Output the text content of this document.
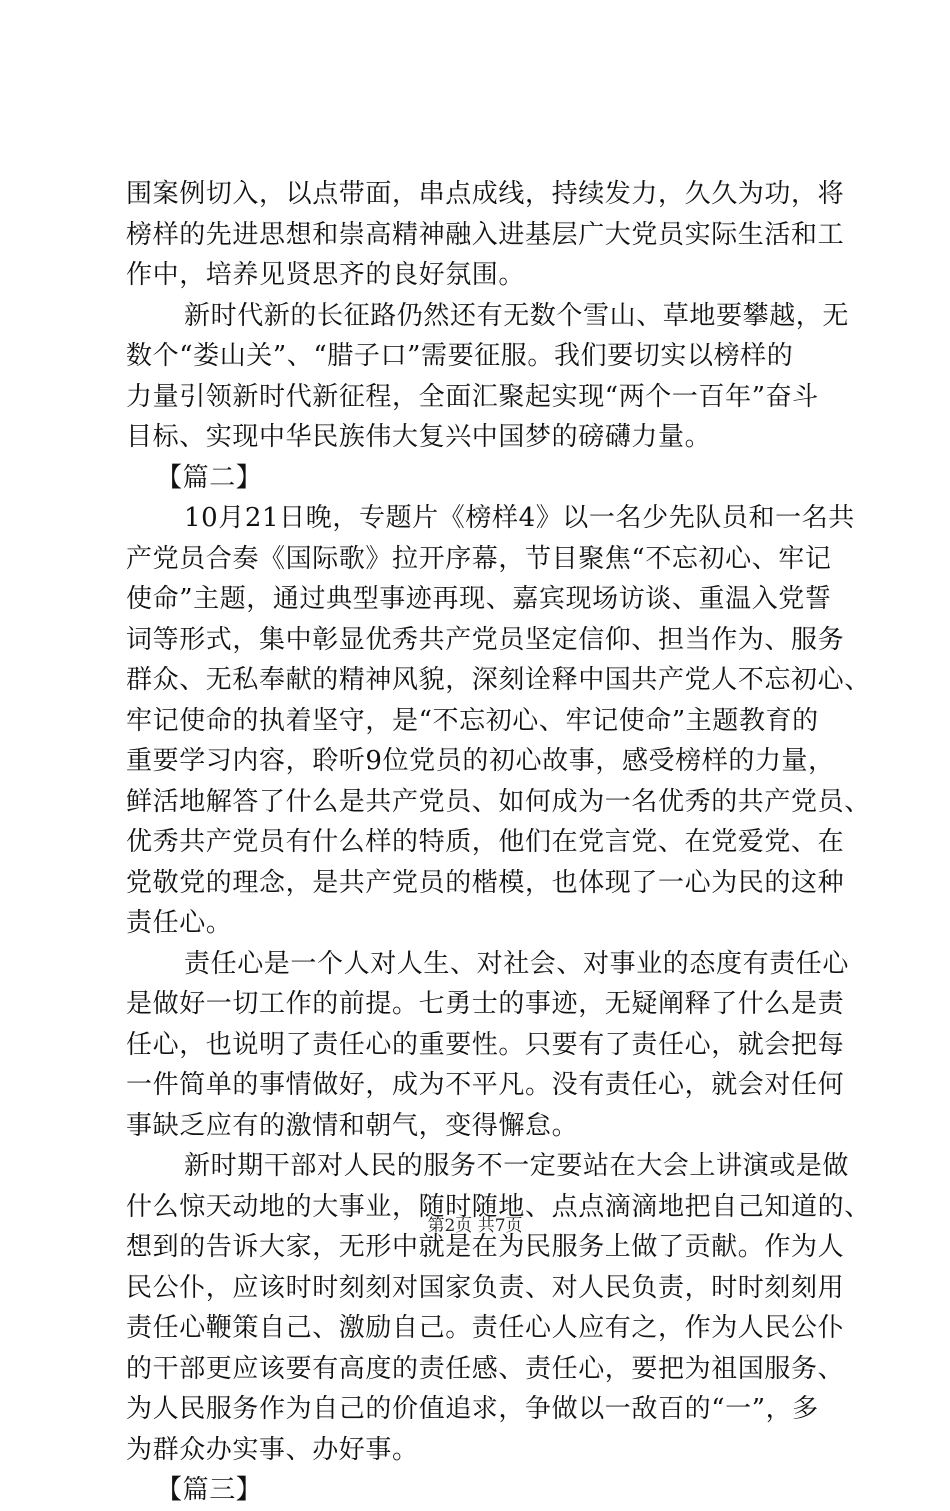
围案例切入，以点带面，串点成线，持续发力，久久为功，将
榜样的先进思想和崇高精神融入进基层广大党员实际生活和工
作中，培养见贤思齐的良好氛围。
新时代新的长征路仍然还有无数个雪山、草地要攀越，无
数个“娄山关”、“腊子口”需要征服。我们要切实以榜样的
力量引领新时代新征程，全面汇聚起实现“两个一百年”奋斗
目标、实现中华民族伟大复兴中国梦的磅礴力量。
【篇二】
10月21日晚，专题片《榜样4》以一名少先队员和一名共
产党员合奏《国际歌》拉开序幕，节目聚焦“不忘初心、牢记
使命”主题，通过典型事迹再现、嘉宾现场访谈、重温入党誓
词等形式，集中彰显优秀共产党员坚定信仰、担当作为、服务
群众、无私奉献的精神风貌，深刻诠释中国共产党人不忘初心、
牢记使命的执着坚守，是“不忘初心、牢记使命”主题教育的
重要学习内容，聆听9位党员的初心故事，感受榜样的力量，
鲜活地解答了什么是共产党员、如何成为一名优秀的共产党员、
优秀共产党员有什么样的特质，他们在党言党、在党爱党、在
党敬党的理念，是共产党员的楷模，也体现了一心为民的这种
责任心。
责任心是一个人对人生、对社会、对事业的态度有责任心
是做好一切工作的前提。七勇士的事迹，无疑阐释了什么是责
任心，也说明了责任心的重要性。只要有了责任心，就会把每
一件简单的事情做好，成为不平凡。没有责任心，就会对任何
事缺乏应有的激情和朝气，变得懈怠。
新时期干部对人民的服务不一定要站在大会上讲演或是做
什么惊天动地的大事业，随时随地、点点滴滴地把自己知道的、
想到的告诉大家，无形中就是在为民服务上做了贡献。作为人
民公仆，应该时时刻刻对国家负责、对人民负责，时时刻刻用
责任心鞭策自己、激励自己。责任心人应有之，作为人民公仆
的干部更应该要有高度的责任感、责任心，要把为祖国服务、
为人民服务作为自己的价值追求，争做以一敌百的“一”，多
为群众办实事、办好事。
【篇三】
第2页 共7页
